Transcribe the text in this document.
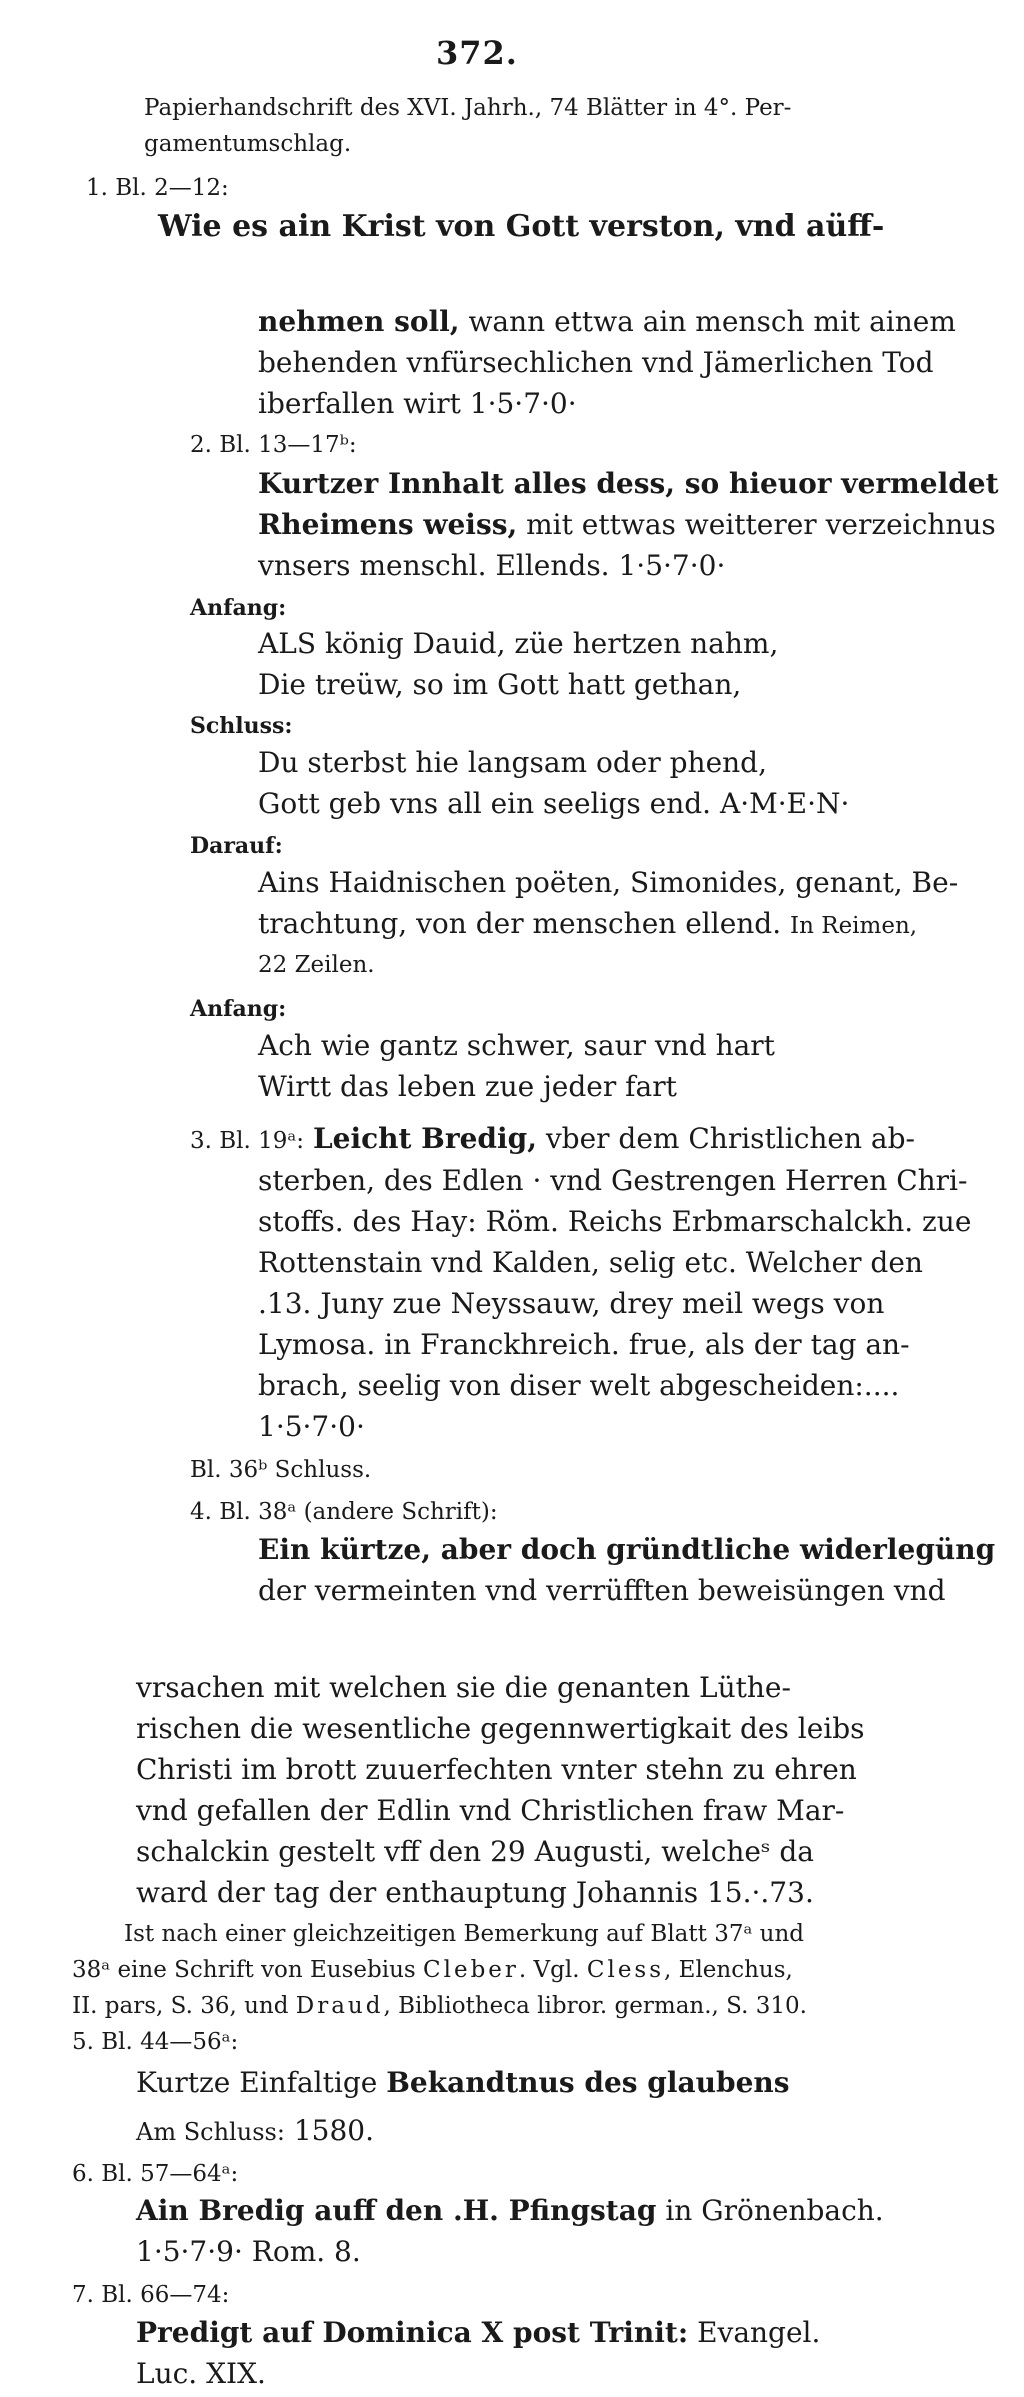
372.
Papierhandschrift des XVI. Jahrh., 74 Blätter in 4°. Per-
gamentumschlag.
1. Bl. 2—12:
Wie es ain Krist von Gott verston, vnd aüff-
nehmen soll, wann ettwa ain mensch mit ainem
behenden vnfürsechlichen vnd Jämerlichen Tod
iberfallen wirt 1·5·7·0·
2. Bl. 13—17ᵇ:
Kurtzer Innhalt alles dess, so hieuor vermeldet
Rheimens weiss, mit ettwas weitterer verzeichnus
vnsers menschl. Ellends. 1·5·7·0·
Anfang:
ALS könig Dauid, züe hertzen nahm,
Die treüw, so im Gott hatt gethan,
Schluss:
Du sterbst hie langsam oder phend,
Gott geb vns all ein seeligs end. A·M·E·N·
Darauf:
Ains Haidnischen poëten, Simonides, genant, Be-
trachtung, von der menschen ellend. In Reimen,
22 Zeilen.
Anfang:
Ach wie gantz schwer, saur vnd hart
Wirtt das leben zue jeder fart
3. Bl. 19ᵃ: Leicht Bredig, vber dem Christlichen ab-
sterben, des Edlen · vnd Gestrengen Herren Chri-
stoffs. des Hay: Röm. Reichs Erbmarschalckh. zue
Rottenstain vnd Kalden, selig etc. Welcher den
.13. Juny zue Neyssauw, drey meil wegs von
Lymosa. in Franckhreich. frue, als der tag an-
brach, seelig von diser welt abgescheiden:....
1·5·7·0·
Bl. 36ᵇ Schluss.
4. Bl. 38ᵃ (andere Schrift):
Ein kürtze, aber doch gründtliche widerlegüng
der vermeinten vnd verrüfften beweisüngen vnd
vrsachen mit welchen sie die genanten Lüthe-
rischen die wesentliche gegennwertigkait des leibs
Christi im brott zuuerfechten vnter stehn zu ehren
vnd gefallen der Edlin vnd Christlichen fraw Mar-
schalckin gestelt vff den 29 Augusti, welcheˢ da
ward der tag der enthauptung Johannis 15.·.73.
Ist nach einer gleichzeitigen Bemerkung auf Blatt 37ᵃ und
38ᵃ eine Schrift von Eusebius Cleber. Vgl. Cless, Elenchus,
II. pars, S. 36, und Draud, Bibliotheca libror. german., S. 310.
5. Bl. 44—56ᵃ:
Kurtze Einfaltige Bekandtnus des glaubens
Am Schluss: 1580.
6. Bl. 57—64ᵃ:
Ain Bredig auff den .H. Pfingstag in Grönenbach.
1·5·7·9· Rom. 8.
7. Bl. 66—74:
Predigt auf Dominica X post Trinit: Evangel.
Luc. XIX.
